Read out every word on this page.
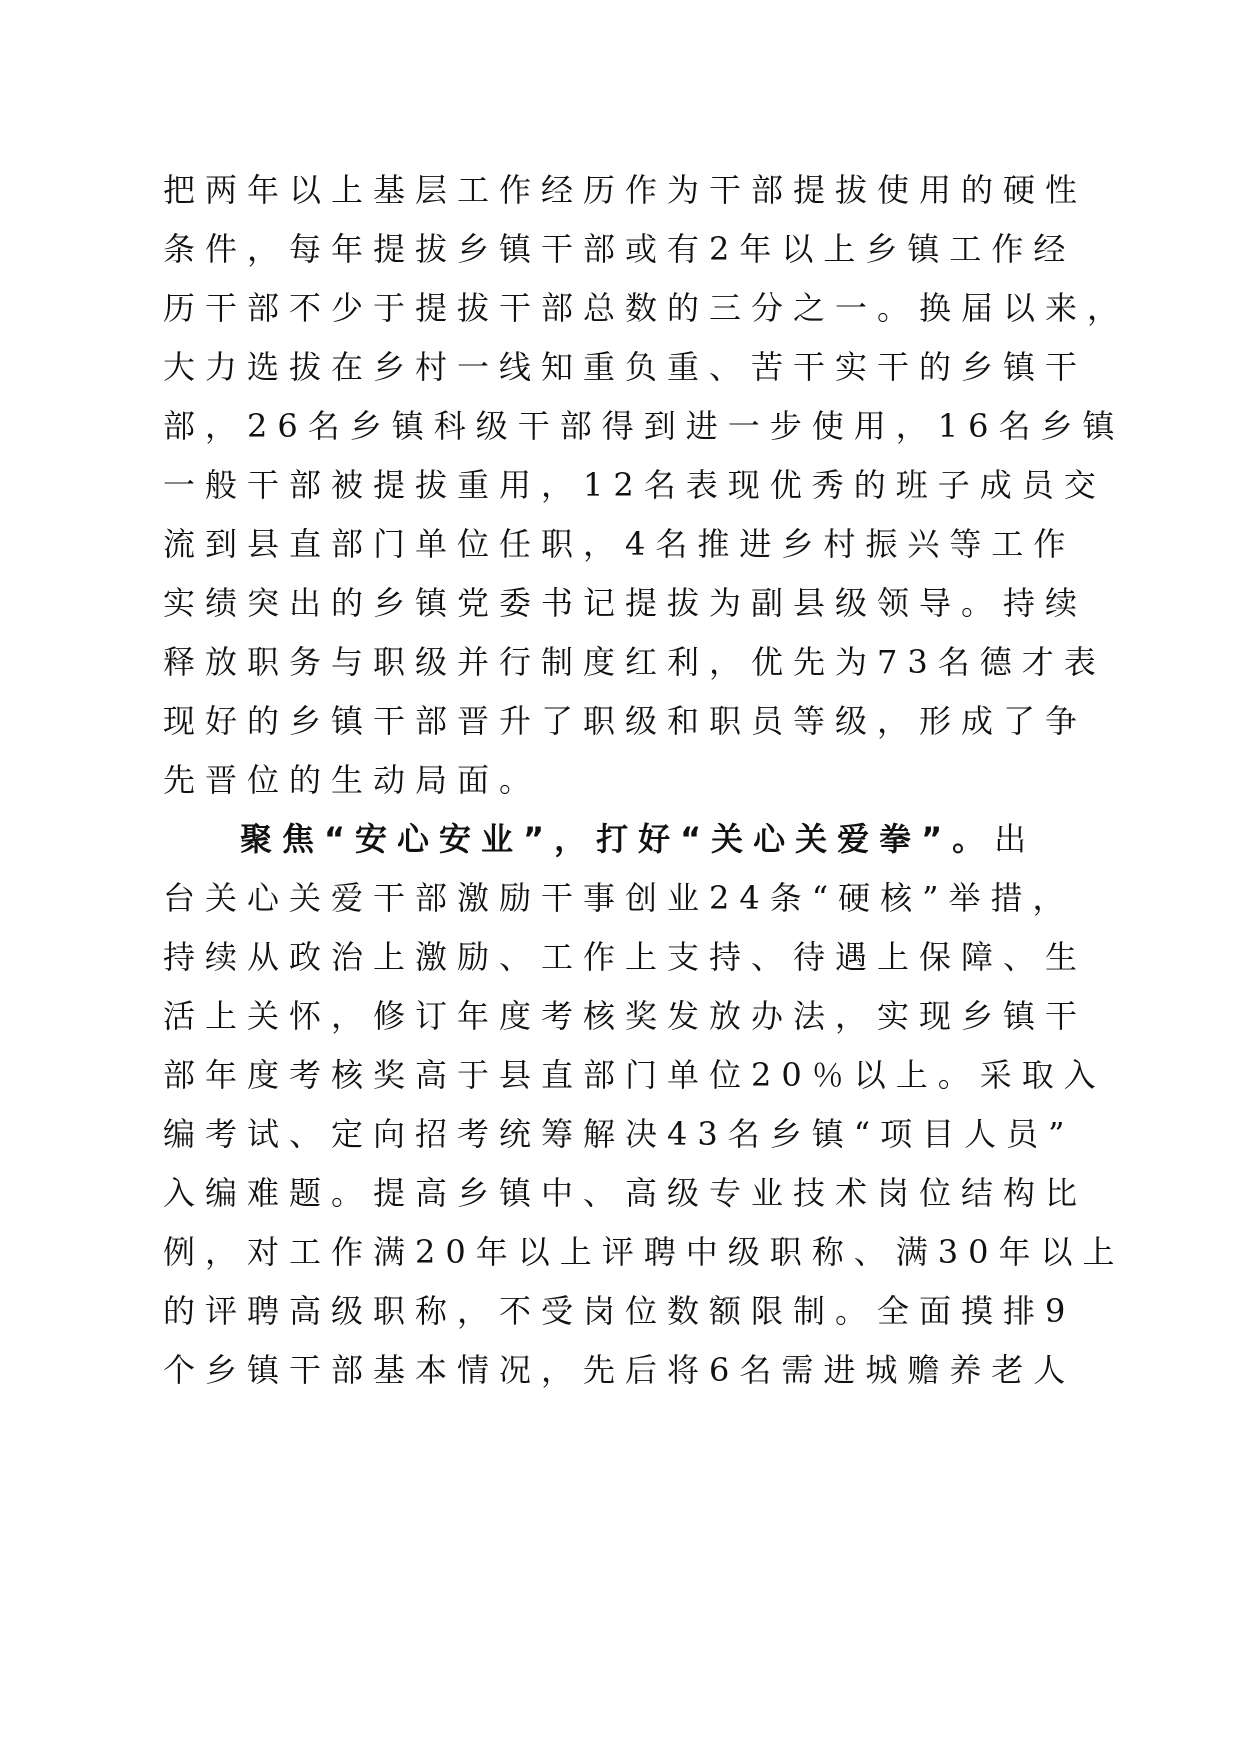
把两年以上基层工作经历作为干部提拔使用的硬性

条件，每年提拔乡镇干部或有2年以上乡镇工作经

历干部不少于提拔干部总数的三分之一。换届以来，

大力选拔在乡村一线知重负重、苦干实干的乡镇干

部，26名乡镇科级干部得到进一步使用，16名乡镇

一般干部被提拔重用，12名表现优秀的班子成员交

流到县直部门单位任职，4名推进乡村振兴等工作

实绩突出的乡镇党委书记提拔为副县级领导。持续

释放职务与职级并行制度红利，优先为73名德才表

现好的乡镇干部晋升了职级和职员等级，形成了争

先晋位的生动局面。

聚焦“安心安业”，打好“关心关爱拳”。出

台关心关爱干部激励干事创业24条“硬核”举措，

持续从政治上激励、工作上支持、待遇上保障、生

活上关怀，修订年度考核奖发放办法，实现乡镇干

部年度考核奖高于县直部门单位20％以上。采取入

编考试、定向招考统筹解决43名乡镇“项目人员”

入编难题。提高乡镇中、高级专业技术岗位结构比

例，对工作满20年以上评聘中级职称、满30年以上

的评聘高级职称，不受岗位数额限制。全面摸排9

个乡镇干部基本情况，先后将6名需进城赡养老人
